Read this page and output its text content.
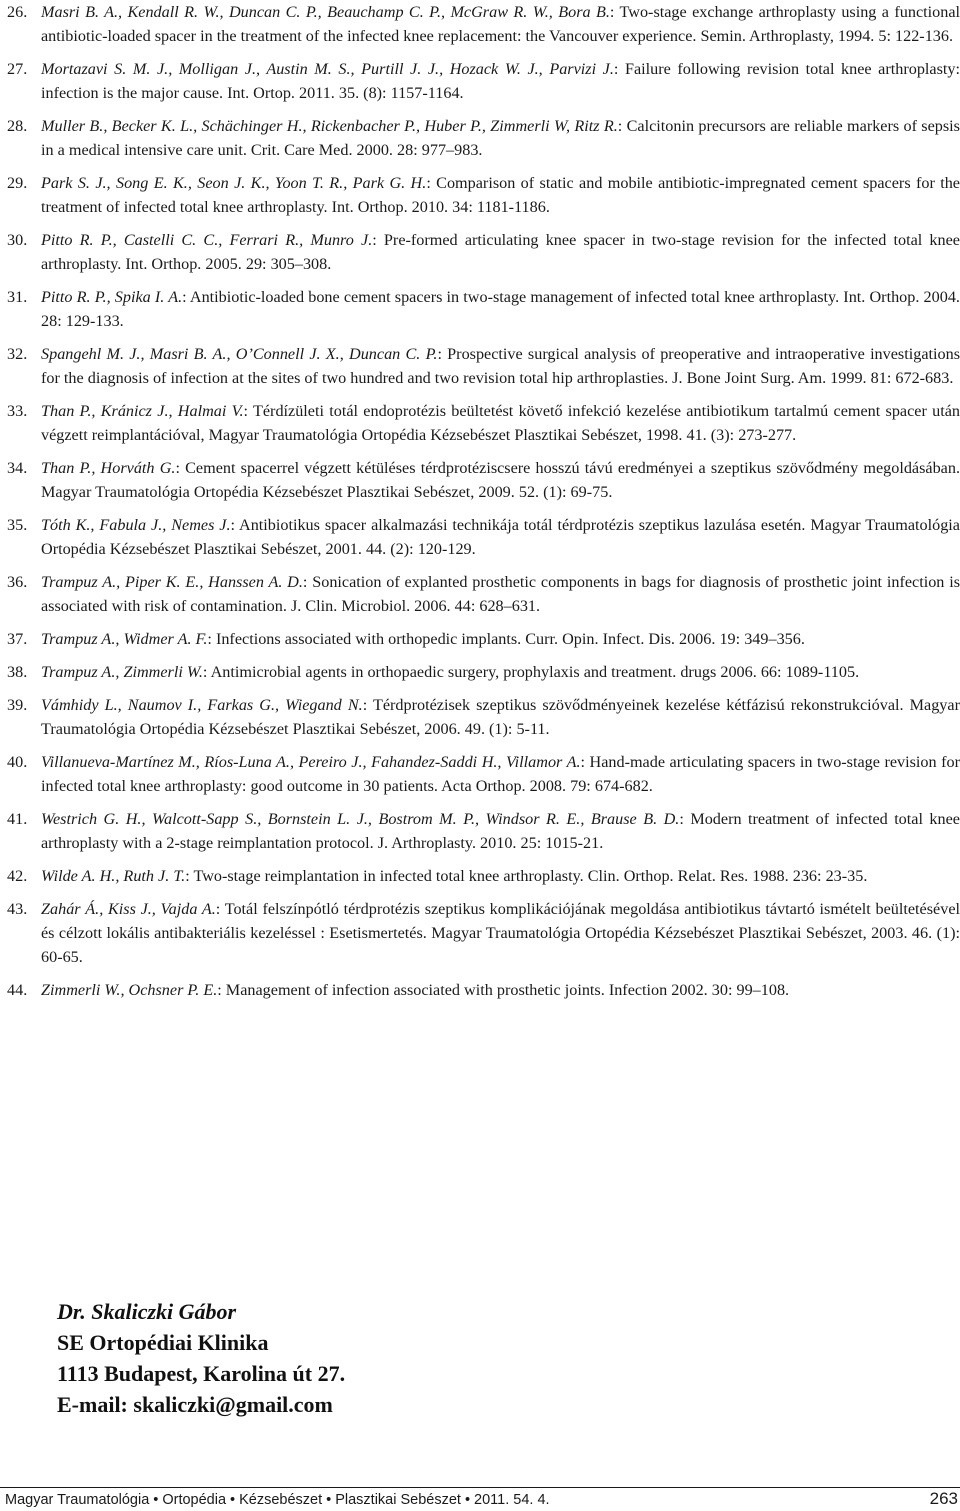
26. Masri B. A., Kendall R. W., Duncan C. P., Beauchamp C. P., McGraw R. W., Bora B.: Two-stage exchange arthroplasty using a functional antibiotic-loaded spacer in the treatment of the infected knee replacement: the Vancouver experience. Semin. Arthroplasty, 1994. 5: 122-136.
27. Mortazavi S. M. J., Molligan J., Austin M. S., Purtill J. J., Hozack W. J., Parvizi J.: Failure following revision total knee arthroplasty: infection is the major cause. Int. Ortop. 2011. 35. (8): 1157-1164.
28. Muller B., Becker K. L., Schächinger H., Rickenbacher P., Huber P., Zimmerli W, Ritz R.: Calcitonin precursors are reliable markers of sepsis in a medical intensive care unit. Crit. Care Med. 2000. 28: 977–983.
29. Park S. J., Song E. K., Seon J. K., Yoon T. R., Park G. H.: Comparison of static and mobile antibiotic-impregnated cement spacers for the treatment of infected total knee arthroplasty. Int. Orthop. 2010. 34: 1181-1186.
30. Pitto R. P., Castelli C. C., Ferrari R., Munro J.: Pre-formed articulating knee spacer in two-stage revision for the infected total knee arthroplasty. Int. Orthop. 2005. 29: 305–308.
31. Pitto R. P., Spika I. A.: Antibiotic-loaded bone cement spacers in two-stage management of infected total knee arthroplasty. Int. Orthop. 2004. 28: 129-133.
32. Spangehl M. J., Masri B. A., O’Connell J. X., Duncan C. P.: Prospective surgical analysis of preoperative and intraoperative investigations for the diagnosis of infection at the sites of two hundred and two revision total hip arthroplasties. J. Bone Joint Surg. Am. 1999. 81: 672-683.
33. Than P., Kránicz J., Halmai V.: Térdízületi totál endoprotézis beültetést követő infekció kezelése antibiotikum tartalmú cement spacer után végzett reimplantációval, Magyar Traumatológia Ortopédia Kézsebészet Plasztikai Sebészet, 1998. 41. (3): 273-277.
34. Than P., Horváth G.: Cement spacerrel végzett kétüléses térdprotéziscsere hosszú távú eredményei a szeptikus szövődmény megoldásában. Magyar Traumatológia Ortopédia Kézsebészet Plasztikai Sebészet, 2009. 52. (1): 69-75.
35. Tóth K., Fabula J., Nemes J.: Antibiotikus spacer alkalmazási technikája totál térdprotézis szeptikus lazulása esetén. Magyar Traumatológia Ortopédia Kézsebészet Plasztikai Sebészet, 2001. 44. (2): 120-129.
36. Trampuz A., Piper K. E., Hanssen A. D.: Sonication of explanted prosthetic components in bags for diagnosis of prosthetic joint infection is associated with risk of contamination. J. Clin. Microbiol. 2006. 44: 628–631.
37. Trampuz A., Widmer A. F.: Infections associated with orthopedic implants. Curr. Opin. Infect. Dis. 2006. 19: 349–356.
38. Trampuz A., Zimmerli W.: Antimicrobial agents in orthopaedic surgery, prophylaxis and treatment. drugs 2006. 66: 1089-1105.
39. Vámhidy L., Naumov I., Farkas G., Wiegand N.: Térdprotézisek szeptikus szövődményeinek kezelése kétfázisú rekonstrukcióval. Magyar Traumatológia Ortopédia Kézsebészet Plasztikai Sebészet, 2006. 49. (1): 5-11.
40. Villanueva-Martínez M., Ríos-Luna A., Pereiro J., Fahandez-Saddi H., Villamor A.: Hand-made articulating spacers in two-stage revision for infected total knee arthroplasty: good outcome in 30 patients. Acta Orthop. 2008. 79: 674-682.
41. Westrich G. H., Walcott-Sapp S., Bornstein L. J., Bostrom M. P., Windsor R. E., Brause B. D.: Modern treatment of infected total knee arthroplasty with a 2-stage reimplantation protocol. J. Arthroplasty. 2010. 25: 1015-21.
42. Wilde A. H., Ruth J. T.: Two-stage reimplantation in infected total knee arthroplasty. Clin. Orthop. Relat. Res. 1988. 236: 23-35.
43. Zahár Á., Kiss J., Vajda A.: Totál felszínpótló térdprotézis szeptikus komplikációjának megoldása antibiotikus távtartó ismételt beültetésével és célzott lokális antibakteriális kezeléssel : Esetismertetés. Magyar Traumatológia Ortopédia Kézsebészet Plasztikai Sebészet, 2003. 46. (1): 60-65.
44. Zimmerli W., Ochsner P. E.: Management of infection associated with prosthetic joints. Infection 2002. 30: 99–108.
Dr. Skaliczki Gábor
SE Ortopédiai Klinika
1113 Budapest, Karolina út 27.
E-mail: skaliczki@gmail.com
Magyar Traumatológia • Ortopédia • Kézsebészet • Plasztikai Sebészet • 2011. 54. 4.	263
